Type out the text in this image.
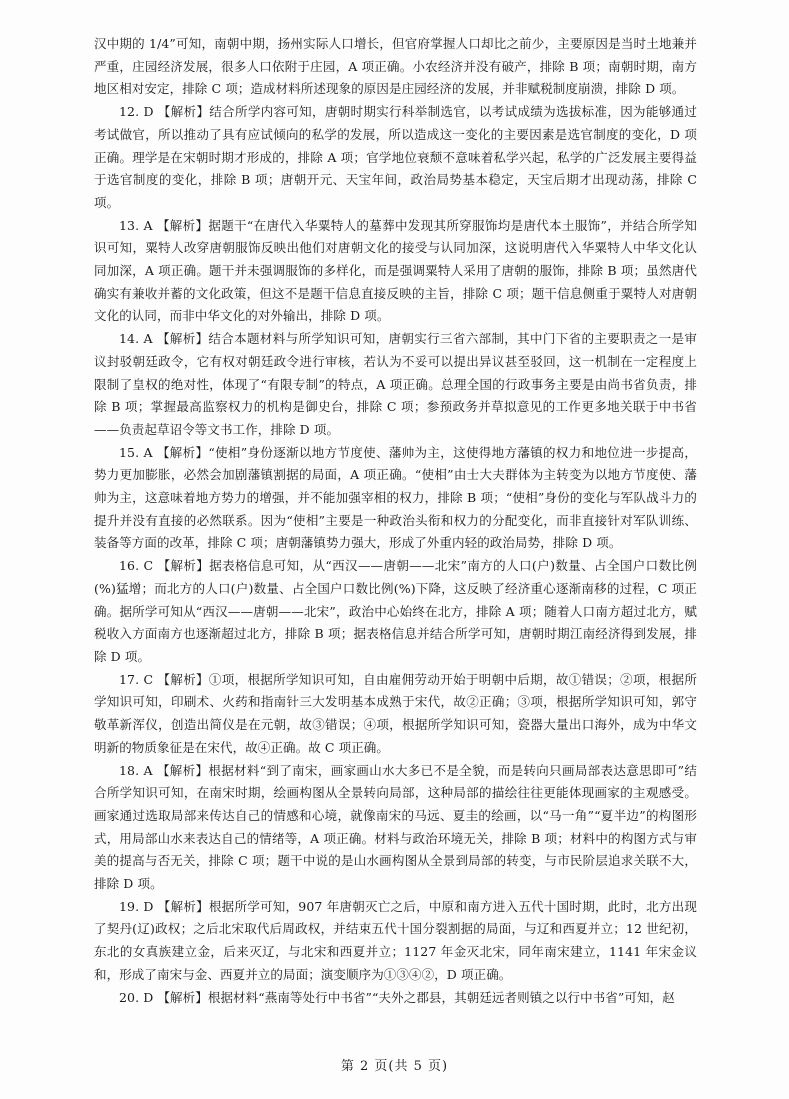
汉中期的 1/4”可知，南朝中期，扬州实际人口增长，但官府掌握人口却比之前少，主要原因是当时土地兼并严重，庄园经济发展，很多人口依附于庄园，A 项正确。小农经济并没有破产，排除 B 项；南朝时期，南方地区相对安定，排除 C 项；造成材料所述现象的原因是庄园经济的发展，并非赋税制度崩溃，排除 D 项。

12. D 【解析】结合所学内容可知，唐朝时期实行科举制选官，以考试成绩为选拔标准，因为能够通过考试做官，所以推动了具有应试倾向的私学的发展，所以造成这一变化的主要因素是选官制度的变化，D 项正确。理学是在宋朝时期才形成的，排除 A 项；官学地位衰颓不意味着私学兴起，私学的广泛发展主要得益于选官制度的变化，排除 B 项；唐朝开元、天宝年间，政治局势基本稳定，天宝后期才出现动荡，排除 C 项。

13. A 【解析】据题干“在唐代入华粟特人的墓葬中发现其所穿服饰均是唐代本土服饰”，并结合所学知识可知，粟特人改穿唐朝服饰反映出他们对唐朝文化的接受与认同加深，这说明唐代入华粟特人中华文化认同加深，A 项正确。题干并未强调服饰的多样化，而是强调粟特人采用了唐朝的服饰，排除 B 项；虽然唐代确实有兼收并蓄的文化政策，但这不是题干信息直接反映的主旨，排除 C 项；题干信息侧重于粟特人对唐朝文化的认同，而非中华文化的对外输出，排除 D 项。

14. A 【解析】结合本题材料与所学知识可知，唐朝实行三省六部制，其中门下省的主要职责之一是审议封驳朝廷政令，它有权对朝廷政令进行审核，若认为不妥可以提出异议甚至驳回，这一机制在一定程度上限制了皇权的绝对性，体现了“有限专制”的特点，A 项正确。总理全国的行政事务主要是由尚书省负责，排除 B 项；掌握最高监察权力的机构是御史台，排除 C 项；参预政务并草拟意见的工作更多地关联于中书省——负责起草诏令等文书工作，排除 D 项。

15. A 【解析】“使相”身份逐渐以地方节度使、藩帅为主，这使得地方藩镇的权力和地位进一步提高，势力更加膨胀，必然会加剧藩镇割据的局面，A 项正确。“使相”由士大夫群体为主转变为以地方节度使、藩帅为主，这意味着地方势力的增强，并不能加强宰相的权力，排除 B 项；“使相”身份的变化与军队战斗力的提升并没有直接的必然联系。因为“使相”主要是一种政治头衔和权力的分配变化，而非直接针对军队训练、装备等方面的改革，排除 C 项；唐朝藩镇势力强大，形成了外重内轻的政治局势，排除 D 项。

16. C 【解析】据表格信息可知，从“西汉——唐朝——北宋”南方的人口(户)数量、占全国户口数比例(%)猛增；而北方的人口(户)数量、占全国户口数比例(%)下降，这反映了经济重心逐渐南移的过程，C 项正确。据所学可知从“西汉——唐朝——北宋”，政治中心始终在北方，排除 A 项；随着人口南方超过北方，赋税收入方面南方也逐渐超过北方，排除 B 项；据表格信息并结合所学可知，唐朝时期江南经济得到发展，排除 D 项。

17. C 【解析】①项，根据所学知识可知，自由雇佣劳动开始于明朝中后期，故①错误；②项，根据所学知识可知，印刷术、火药和指南针三大发明基本成熟于宋代，故②正确；③项，根据所学知识可知，郭守敬革新浑仪，创造出简仪是在元朝，故③错误；④项，根据所学知识可知，瓷器大量出口海外，成为中华文明新的物质象征是在宋代，故④正确。故 C 项正确。

18. A 【解析】根据材料“到了南宋，画家画山水大多已不是全貌，而是转向只画局部表达意思即可”结合所学知识可知，在南宋时期，绘画构图从全景转向局部，这种局部的描绘往往更能体现画家的主观感受。画家通过选取局部来传达自己的情感和心境，就像南宋的马远、夏圭的绘画，以“马一角”“夏半边”的构图形式，用局部山水来表达自己的情绪等，A 项正确。材料与政治环境无关，排除 B 项；材料中的构图方式与审美的提高与否无关，排除 C 项；题干中说的是山水画构图从全景到局部的转变，与市民阶层追求关联不大，排除 D 项。

19. D 【解析】根据所学可知，907 年唐朝灭亡之后，中原和南方进入五代十国时期，此时，北方出现了契丹(辽)政权；之后北宋取代后周政权，并结束五代十国分裂割据的局面，与辽和西夏并立；12 世纪初，东北的女真族建立金，后来灭辽，与北宋和西夏并立；1127 年金灭北宋，同年南宋建立，1141 年宋金议和，形成了南宋与金、西夏并立的局面；演变顺序为①③④②，D 项正确。

20. D 【解析】根据材料“燕南等处行中书省”“夫外之郡县，其朝廷远者则镇之以行中书省”可知，赵

第 2 页(共 5 页)
